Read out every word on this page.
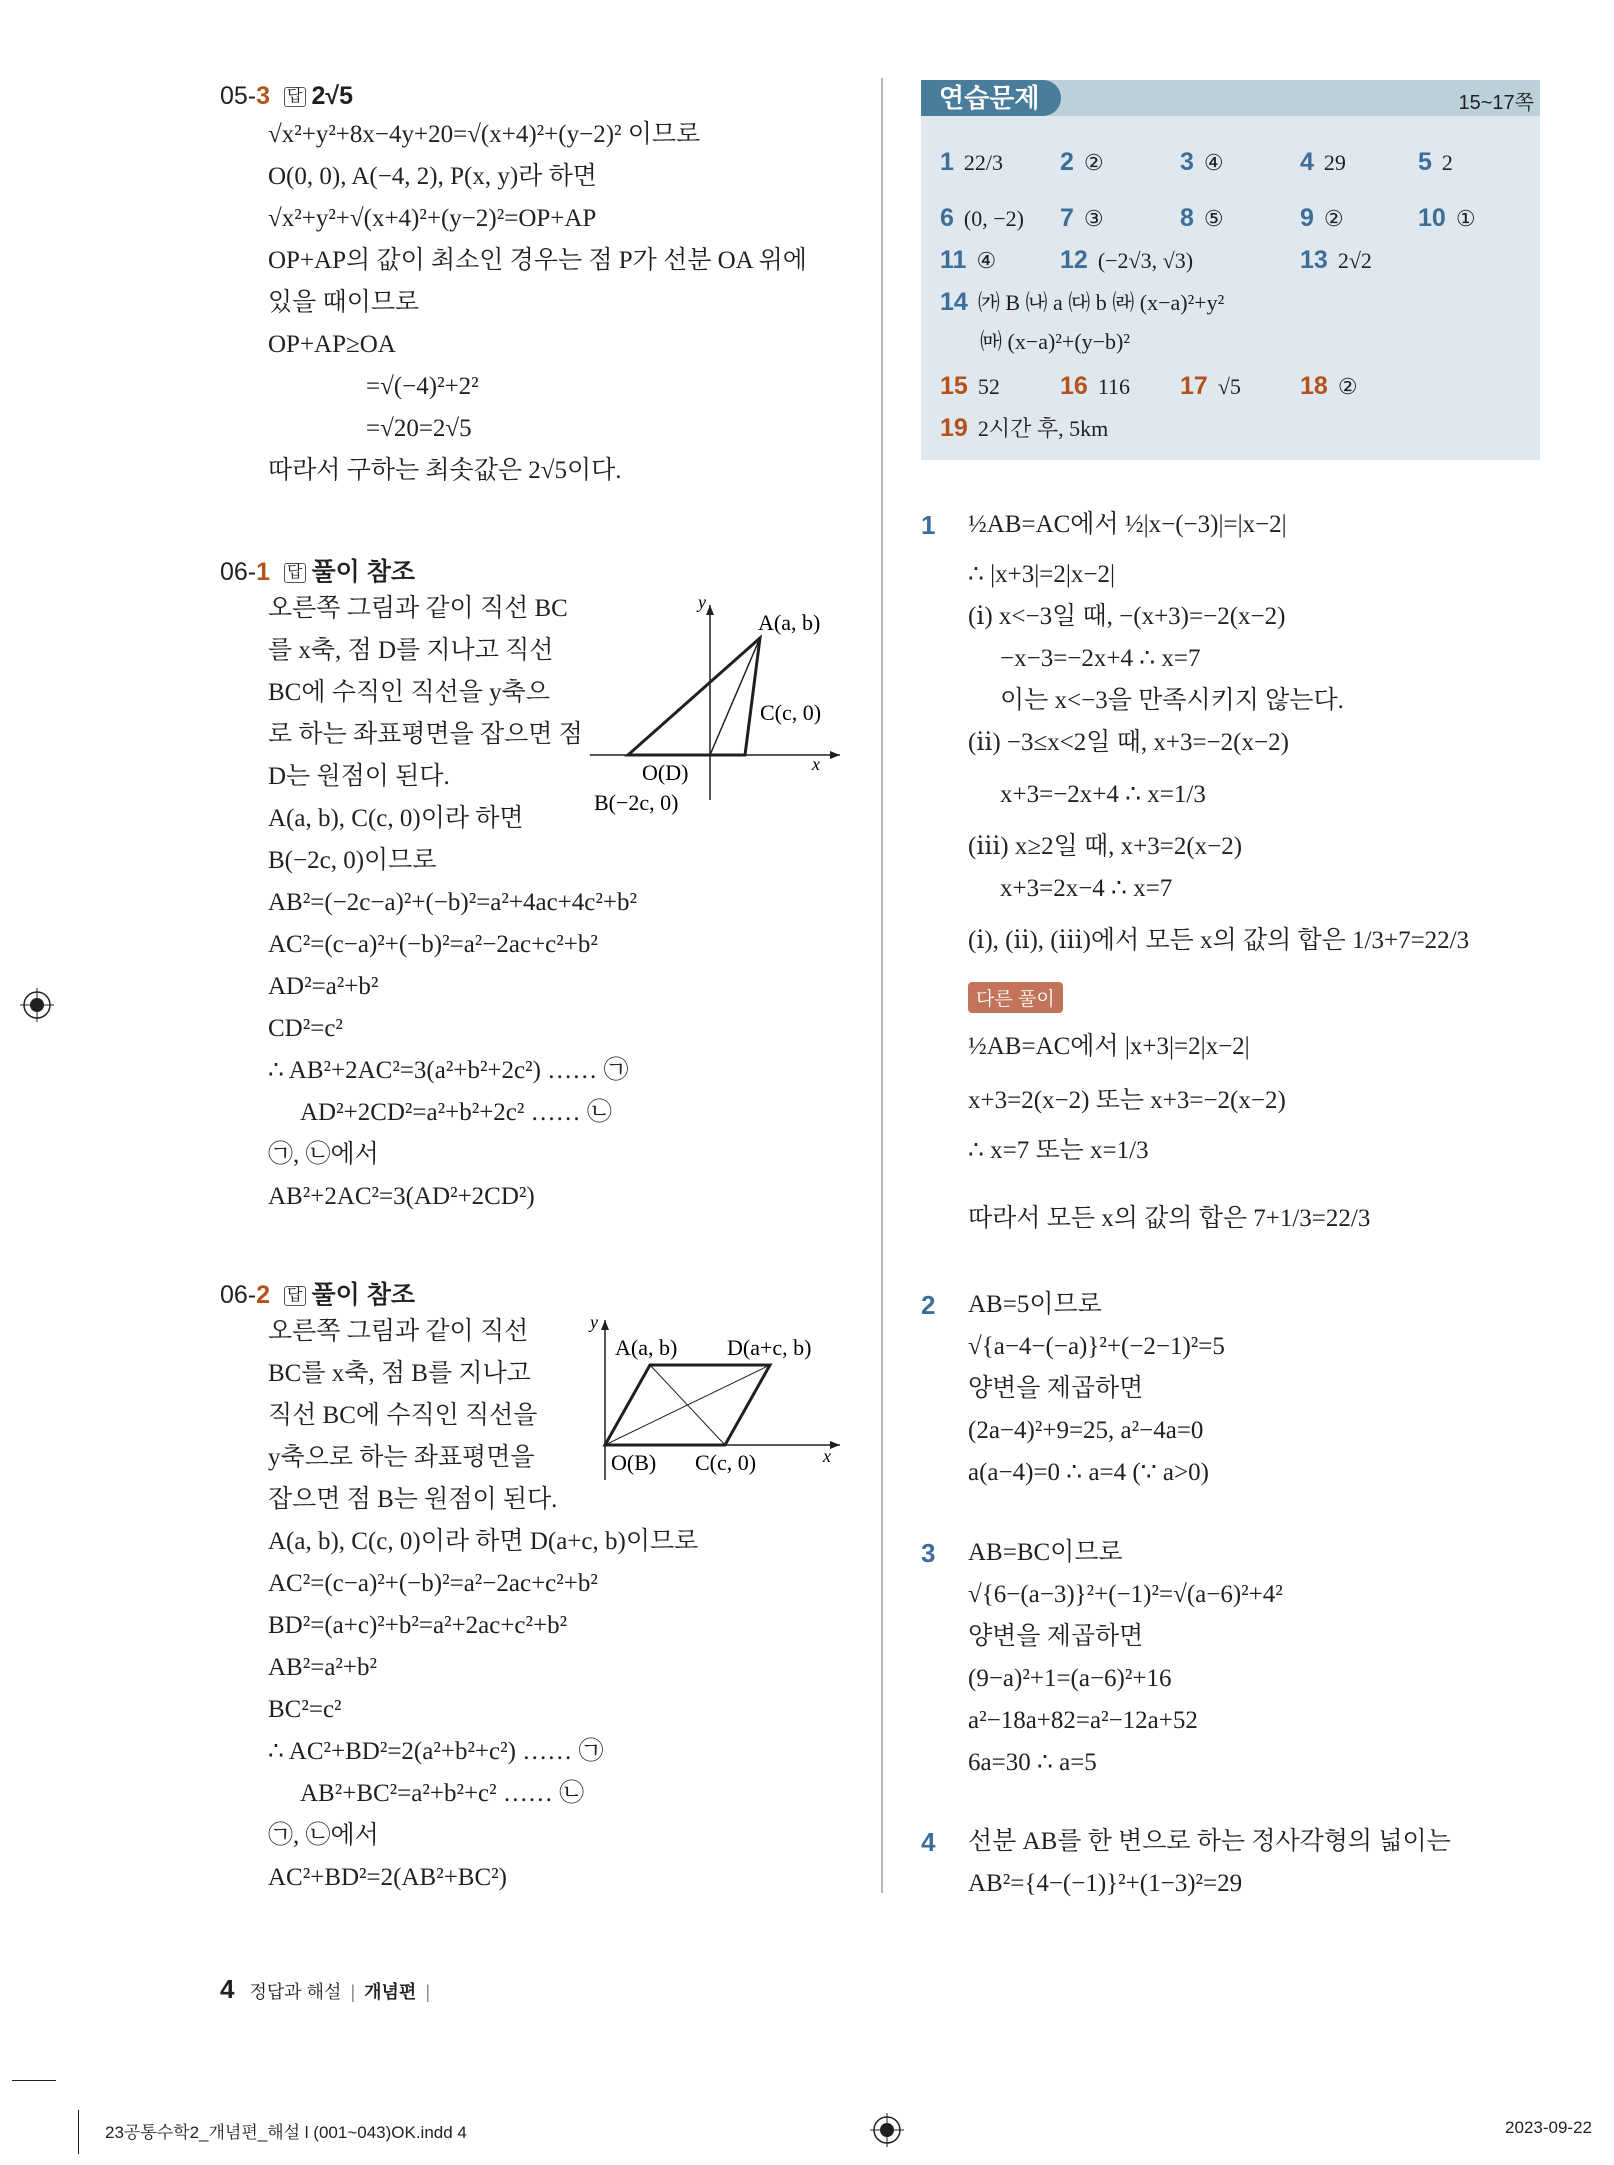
05-3 답 2√5
√x²+y²+8x−4y+20=√(x+4)²+(y−2)² 이므로
O(0, 0), A(−4, 2), P(x, y)라 하면
√x²+y²+√(x+4)²+(y−2)²=OP+AP
OP+AP의 값이 최소인 경우는 점 P가 선분 OA 위에
있을 때이므로
OP+AP≥OA
=√(−4)²+2²
=√20=2√5
따라서 구하는 최솟값은 2√5이다.
06-1 답 풀이 참조
오른쪽 그림과 같이 직선 BC
를 x축, 점 D를 지나고 직선
BC에 수직인 직선을 y축으
로 하는 좌표평면을 잡으면 점
D는 원점이 된다.
A(a, b), C(c, 0)이라 하면
B(−2c, 0)이므로
AB²=(−2c−a)²+(−b)²=a²+4ac+4c²+b²
AC²=(c−a)²+(−b)²=a²−2ac+c²+b²
AD²=a²+b²
CD²=c²
∴ AB²+2AC²=3(a²+b²+2c²) …… ㉠
AD²+2CD²=a²+b²+2c² …… ㉡
㉠, ㉡에서
AB²+2AC²=3(AD²+2CD²)
y
x
A(a, b)
C(c, 0)
O(D)
B(−2c, 0)
06-2 답 풀이 참조
오른쪽 그림과 같이 직선
BC를 x축, 점 B를 지나고
직선 BC에 수직인 직선을
y축으로 하는 좌표평면을
잡으면 점 B는 원점이 된다.
A(a, b), C(c, 0)이라 하면 D(a+c, b)이므로
AC²=(c−a)²+(−b)²=a²−2ac+c²+b²
BD²=(a+c)²+b²=a²+2ac+c²+b²
AB²=a²+b²
BC²=c²
∴ AC²+BD²=2(a²+b²+c²) …… ㉠
AB²+BC²=a²+b²+c² …… ㉡
㉠, ㉡에서
AC²+BD²=2(AB²+BC²)
y
x
A(a, b) D(a+c, b)
O(B) C(c, 0)
연습문제	15~17쪽
1 22/3 2 ②	3 ④	4 29	5 2
6 (0, −2) 7 ③	8 ⑤	9 ②	10 ①
11 ④	12 (−2√3, √3)	13 2√2
14 ㈎ B ㈏ a ㈐ b ㈑ (x−a)²+y²
㈒ (x−a)²+(y−b)²
15 52 16 116 17 √5 18 ②
19 2시간 후, 5km
1 ½AB=AC에서 ½|x−(−3)|=|x−2|
∴ |x+3|=2|x−2|
(ⅰ) x<−3일 때, −(x+3)=−2(x−2)
−x−3=−2x+4 ∴ x=7
이는 x<−3을 만족시키지 않는다.
(ⅱ) −3≤x<2일 때, x+3=−2(x−2)
x+3=−2x+4 ∴ x=1/3
(ⅲ) x≥2일 때, x+3=2(x−2)
x+3=2x−4 ∴ x=7
(ⅰ), (ⅱ), (ⅲ)에서 모든 x의 값의 합은 1/3+7=22/3
다른 풀이
½AB=AC에서 |x+3|=2|x−2|
x+3=2(x−2) 또는 x+3=−2(x−2)
∴ x=7 또는 x=1/3
따라서 모든 x의 값의 합은 7+1/3=22/3
2 AB=5이므로
√{a−4−(−a)}²+(−2−1)²=5
양변을 제곱하면
(2a−4)²+9=25, a²−4a=0
a(a−4)=0 ∴ a=4 (∵ a>0)
3 AB=BC이므로
√{6−(a−3)}²+(−1)²=√(a−6)²+4²
양변을 제곱하면
(9−a)²+1=(a−6)²+16
a²−18a+82=a²−12a+52
6a=30 ∴ a=5
4 선분 AB를 한 변으로 하는 정사각형의 넓이는
AB²={4−(−1)}²+(1−3)²=29
4 정답과 해설 | 개념편 |
23공통수학2_개념편_해설 l (001~043)OK.indd 4	2023-09-22
